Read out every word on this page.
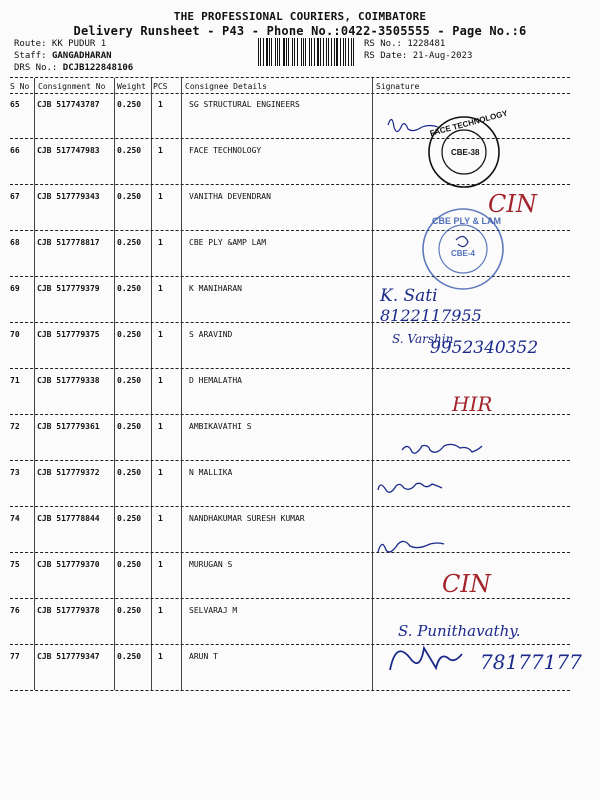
THE PROFESSIONAL COURIERS, COIMBATORE
Delivery Runsheet - P43 - Phone No.:0422-3505555 - Page No.:6
Route: KK PUDUR 1
Staff: GANGADHARAN
DRS No.: DCJB122848106
RS No.: 1228481
RS Date: 21-Aug-2023
S No Consignment No Weight PCS Consignee Details	Signature
65 CJB 517743787 0.250 1	SG STRUCTURAL ENGINEERS
66 CJB 517747983 0.250 1	FACE TECHNOLOGY
67 CJB 517779343 0.250 1	VANITHA DEVENDRAN
68 CJB 517778817 0.250 1	CBE PLY &AMP LAM
69 CJB 517779379 0.250 1	K MANIHARAN
70 CJB 517779375 0.250 1	S ARAVIND
71 CJB 517779338 0.250 1	D HEMALATHA
72 CJB 517779361 0.250 1	AMBIKAVATHI S
73 CJB 517779372 0.250 1	N MALLIKA
74 CJB 517778844 0.250 1	NANDHAKUMAR SURESH KUMAR
75 CJB 517779370 0.250 1	MURUGAN S
76 CJB 517779378 0.250 1	SELVARAJ M
77 CJB 517779347 0.250 1	ARUN T
FACE TECHNOLOGY
CBE-38
CBE PLY & LAM
CBE-4
CIN
K. Sati
8122117955
S. Varshin
9952340352
HIR
CIN
S. Punithavathy.
78177177
